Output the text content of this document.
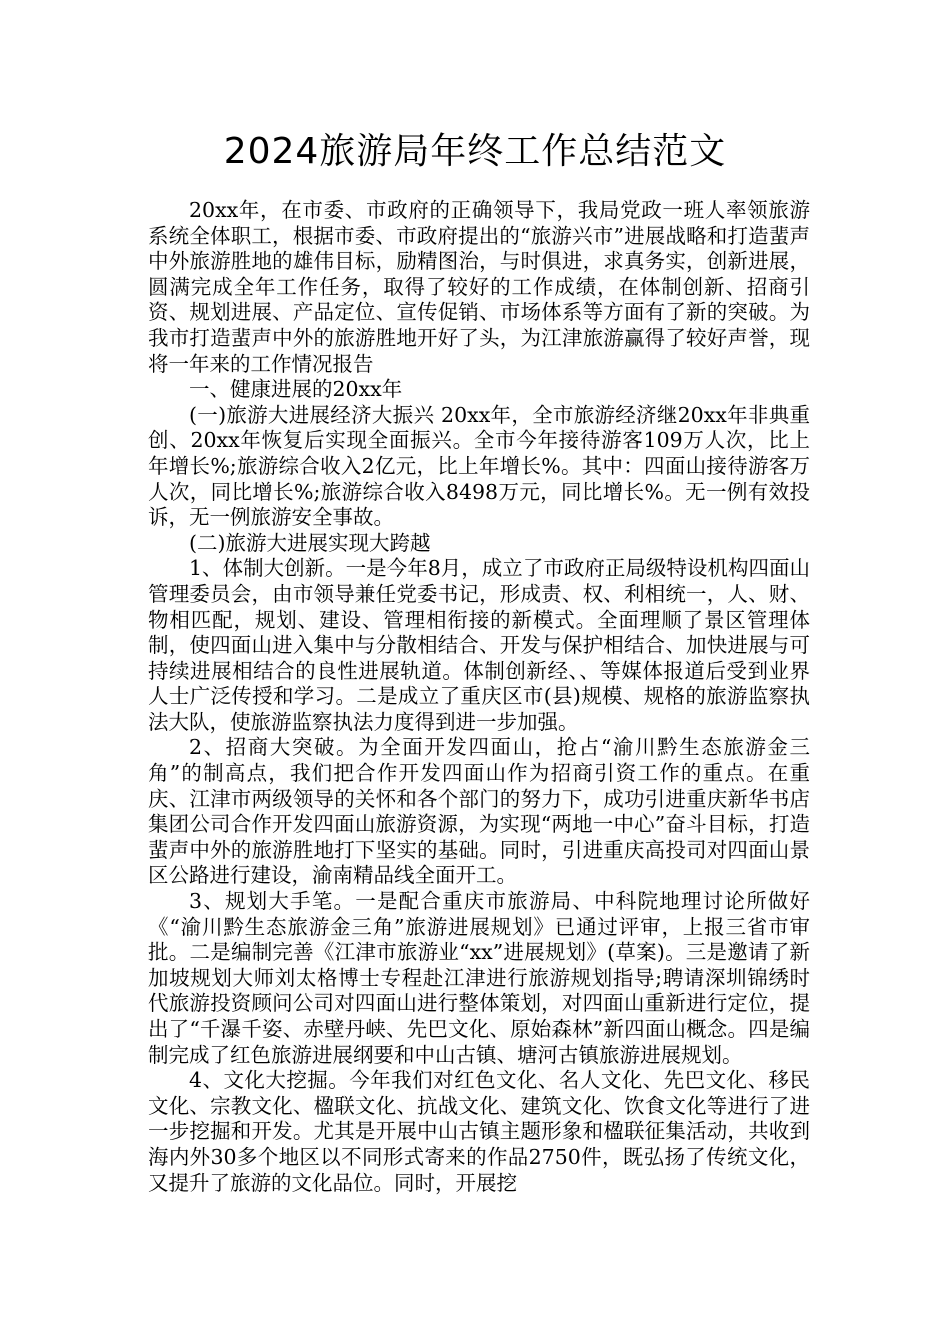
2024旅游局年终工作总结范文

20xx年，在市委、市政府的正确领导下，我局党政一班人率领旅游系统全体职工，根据市委、市政府提出的“旅游兴市”进展战略和打造蜚声中外旅游胜地的雄伟目标，励精图治，与时俱进，求真务实，创新进展，圆满完成全年工作任务，取得了较好的工作成绩，在体制创新、招商引资、规划进展、产品定位、宣传促销、市场体系等方面有了新的突破。为我市打造蜚声中外的旅游胜地开好了头，为江津旅游赢得了较好声誉，现将一年来的工作情况报告

一、健康进展的20xx年

(一)旅游大进展经济大振兴 20xx年，全市旅游经济继20xx年非典重创、20xx年恢复后实现全面振兴。全市今年接待游客109万人次，比上年增长%;旅游综合收入2亿元，比上年增长%。其中：四面山接待游客万人次，同比增长%;旅游综合收入8498万元，同比增长%。无一例有效投诉，无一例旅游安全事故。

(二)旅游大进展实现大跨越

1、体制大创新。一是今年8月，成立了市政府正局级特设机构四面山管理委员会，由市领导兼任党委书记，形成责、权、利相统一，人、财、物相匹配，规划、建设、管理相衔接的新模式。全面理顺了景区管理体制，使四面山进入集中与分散相结合、开发与保护相结合、加快进展与可持续进展相结合的良性进展轨道。体制创新经、、等媒体报道后受到业界人士广泛传授和学习。二是成立了重庆区市(县)规模、规格的旅游监察执法大队，使旅游监察执法力度得到进一步加强。

2、招商大突破。为全面开发四面山，抢占“渝川黔生态旅游金三角”的制高点，我们把合作开发四面山作为招商引资工作的重点。在重庆、江津市两级领导的关怀和各个部门的努力下，成功引进重庆新华书店集团公司合作开发四面山旅游资源，为实现“两地一中心”奋斗目标，打造蜚声中外的旅游胜地打下坚实的基础。同时，引进重庆高投司对四面山景区公路进行建设，渝南精品线全面开工。

3、规划大手笔。一是配合重庆市旅游局、中科院地理讨论所做好《“渝川黔生态旅游金三角”旅游进展规划》已通过评审，上报三省市审批。二是编制完善《江津市旅游业“xx”进展规划》(草案)。三是邀请了新加坡规划大师刘太格博士专程赴江津进行旅游规划指导;聘请深圳锦绣时代旅游投资顾问公司对四面山进行整体策划，对四面山重新进行定位，提出了“千瀑千姿、赤壁丹峡、先巴文化、原始森林”新四面山概念。四是编制完成了红色旅游进展纲要和中山古镇、塘河古镇旅游进展规划。

4、文化大挖掘。今年我们对红色文化、名人文化、先巴文化、移民文化、宗教文化、楹联文化、抗战文化、建筑文化、饮食文化等进行了进一步挖掘和开发。尤其是开展中山古镇主题形象和楹联征集活动，共收到海内外30多个地区以不同形式寄来的作品2750件，既弘扬了传统文化，又提升了旅游的文化品位。同时，开展挖
